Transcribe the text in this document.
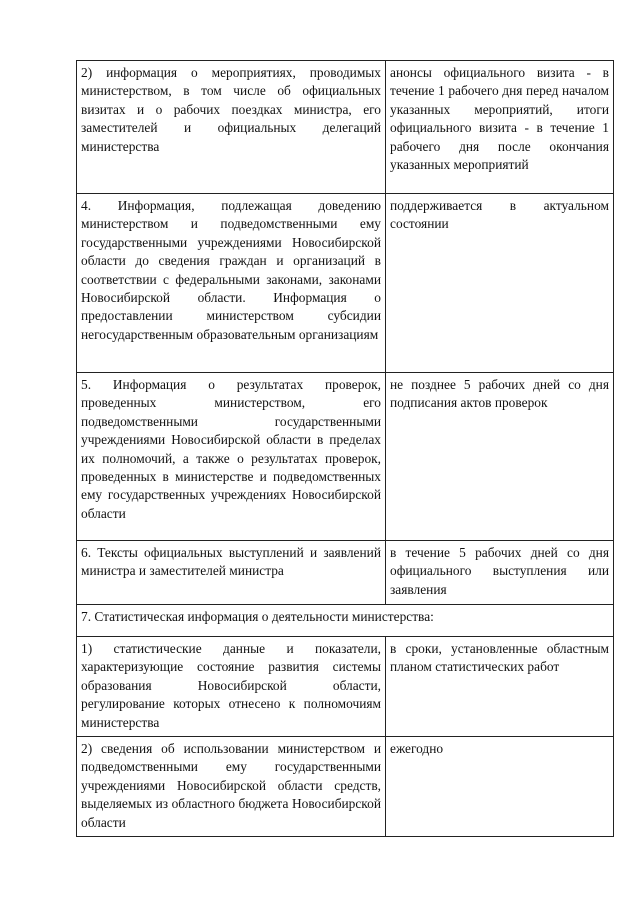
2) информация о мероприятиях, проводимых министерством, в том числе об официальных визитах и о рабочих поездках министра, его заместителей и официальных делегаций министерства	анонсы официального визита - в течение 1 рабочего дня перед началом указанных мероприятий, итоги официального визита - в течение 1 рабочего дня после окончания указанных мероприятий
4. Информация, подлежащая доведению министерством и подведомственными ему государственными учреждениями Новосибирской области до сведения граждан и организаций в соответствии с федеральными законами, законами Новосибирской области. Информация о предоставлении министерством субсидии негосударственным образовательным организациям	поддерживается в актуальном состоянии
5. Информация о результатах проверок, проведенных министерством, его подведомственными государственными учреждениями Новосибирской области в пределах их полномочий, а также о результатах проверок, проведенных в министерстве и подведомственных ему государственных учреждениях Новосибирской области	не позднее 5 рабочих дней со дня подписания актов проверок
6. Тексты официальных выступлений и заявлений министра и заместителей министра	в течение 5 рабочих дней со дня официального выступления или заявления
7. Статистическая информация о деятельности министерства:	
1) статистические данные и показатели, характеризующие состояние развития системы образования Новосибирской области, регулирование которых отнесено к полномочиям министерства	в сроки, установленные областным планом статистических работ
2) сведения об использовании министерством и подведомственными ему государственными учреждениями Новосибирской области средств, выделяемых из областного бюджета Новосибирской области	ежегодно
